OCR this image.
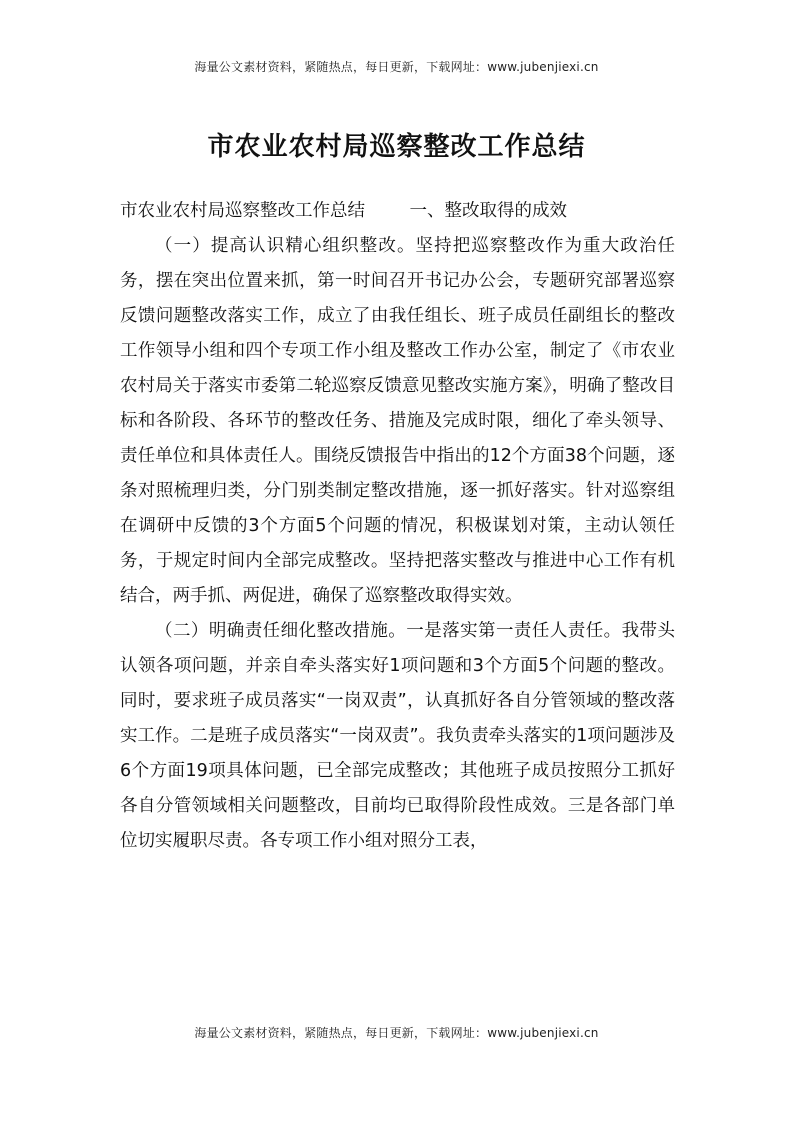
海量公文素材资料，紧随热点，每日更新，下载网址：www.jubenjiexi.cn
市农业农村局巡察整改工作总结

市农业农村局巡察整改工作总结	一、整改取得的成效

（一）提高认识精心组织整改。坚持把巡察整改作为重大政治任务，摆在突出位置来抓，第一时间召开书记办公会，专题研究部署巡察反馈问题整改落实工作，成立了由我任组长、班子成员任副组长的整改工作领导小组和四个专项工作小组及整改工作办公室，制定了《市农业农村局关于落实市委第二轮巡察反馈意见整改实施方案》，明确了整改目标和各阶段、各环节的整改任务、措施及完成时限，细化了牵头领导、责任单位和具体责任人。围绕反馈报告中指出的12个方面38个问题，逐条对照梳理归类，分门别类制定整改措施，逐一抓好落实。针对巡察组在调研中反馈的3个方面5个问题的情况，积极谋划对策，主动认领任务，于规定时间内全部完成整改。坚持把落实整改与推进中心工作有机结合，两手抓、两促进，确保了巡察整改取得实效。

（二）明确责任细化整改措施。一是落实第一责任人责任。我带头认领各项问题，并亲自牵头落实好1项问题和3个方面5个问题的整改。同时，要求班子成员落实“一岗双责”，认真抓好各自分管领域的整改落实工作。二是班子成员落实“一岗双责”。我负责牵头落实的1项问题涉及6个方面19项具体问题，已全部完成整改；其他班子成员按照分工抓好各自分管领域相关问题整改，目前均已取得阶段性成效。三是各部门单位切实履职尽责。各专项工作小组对照分工表，

海量公文素材资料，紧随热点，每日更新，下载网址：www.jubenjiexi.cn
